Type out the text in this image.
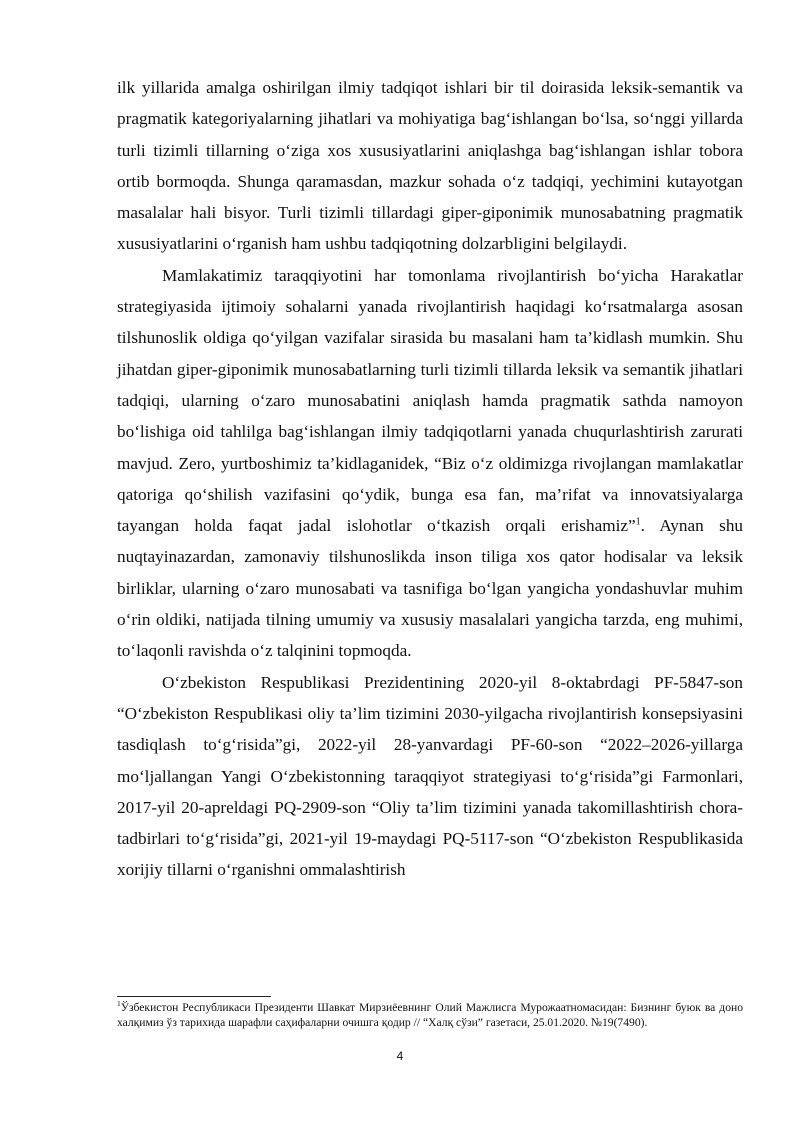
ilk yillarida amalga oshirilgan ilmiy tadqiqot ishlari bir til doirasida leksik-semantik va pragmatik kategoriyalarning jihatlari va mohiyatiga bag‘ishlangan bo‘lsa, so‘nggi yillarda turli tizimli tillarning o‘ziga xos xususiyatlarini aniqlashga bag‘ishlangan ishlar tobora ortib bormoqda. Shunga qaramasdan, mazkur sohada o‘z tadqiqi, yechimini kutayotgan masalalar hali bisyor. Turli tizimli tillardagi giper-giponimik munosabatning pragmatik xususiyatlarini o‘rganish ham ushbu tadqiqotning dolzarbligini belgilaydi.

Mamlakatimiz taraqqiyotini har tomonlama rivojlantirish bo‘yicha Harakatlar strategiyasida ijtimoiy sohalarni yanada rivojlantirish haqidagi ko‘rsatmalarga asosan tilshunoslik oldiga qo‘yilgan vazifalar sirasida bu masalani ham ta’kidlash mumkin. Shu jihatdan giper-giponimik munosabatlarning turli tizimli tillarda leksik va semantik jihatlari tadqiqi, ularning o‘zaro munosabatini aniqlash hamda pragmatik sathda namoyon bo‘lishiga oid tahlilga bag‘ishlangan ilmiy tadqiqotlarni yanada chuqurlashtirish zarurati mavjud. Zero, yurtboshimiz ta’kidlaganidek, “Biz o‘z oldimizga rivojlangan mamlakatlar qatoriga qo‘shilish vazifasini qo‘ydik, bunga esa fan, ma’rifat va innovatsiyalarga tayangan holda faqat jadal islohotlar o‘tkazish orqali erishamiz”$^1$. Aynan shu nuqtayinazardan, zamonaviy tilshunoslikda inson tiligа xos qator hodisalar va leksik birliklar, ularning o‘zaro munosabati va tasnifiga bo‘lgan yangicha yondashuvlar muhim o‘rin oldiki, natijada tilning umumiy va xususiy masalalari yangicha tarzda, eng muhimi, to‘laqonli ravishda o‘z talqinini topmoqda.

O‘zbekiston Respublikasi Prezidentining 2020-yil 8-oktabrdagi PF-5847-son “O‘zbekiston Respublikasi oliy ta’lim tizimini 2030-yilgacha rivojlantirish konsepsiyasini tasdiqlash to‘g‘risida”gi, 2022-yil 28-yanvardagi PF-60-son “2022–2026-yillarga mo‘ljallangan Yangi O‘zbekistonning taraqqiyot strategiyasi to‘g‘risida”gi Farmonlari, 2017-yil 20-apreldagi PQ-2909-son “Oliy ta’lim tizimini yanada takomillashtirish chora-tadbirlari to‘g‘risida”gi, 2021-yil 19-maydagi PQ-5117-son “O‘zbekiston Respublikasida xorijiy tillarni o‘rganishni ommalashtirish

$^1$Ўзбекистон Республикаси Президенти Шавкат Мирзиёевнинг Олий Мажлисга Мурожаатномасидан: Бизнинг буюк ва доно халқимиз ўз тарихида шарафли саҳифаларни очишга қодир // “Халқ сўзи” газетаси, 25.01.2020. №19(7490).

4
